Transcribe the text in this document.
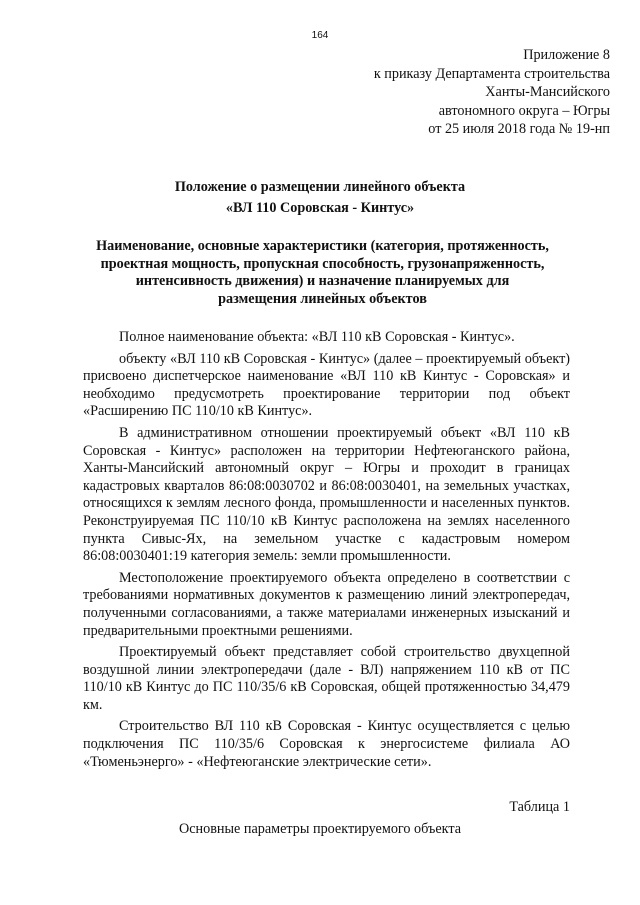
164
Приложение 8
к приказу Департамента строительства
Ханты-Мансийского
автономного округа – Югры
от 25 июля 2018 года № 19-нп
Положение о размещении линейного объекта
«ВЛ 110 Соровская - Кинтус»
Наименование, основные характеристики (категория, протяженность, проектная мощность, пропускная способность, грузонапряженность, интенсивность движения) и назначение планируемых для размещения линейных объектов

Полное наименование объекта: «ВЛ 110 кВ Соровская - Кинтус».

объекту «ВЛ 110 кВ Соровская - Кинтус» (далее – проектируемый объект) присвоено диспетчерское наименование «ВЛ 110 кВ Кинтус - Соровская» и необходимо предусмотреть проектирование территории под объект «Расширению ПС 110/10 кВ Кинтус».

В административном отношении проектируемый объект «ВЛ 110 кВ Соровская - Кинтус» расположен на территории Нефтеюганского района, Ханты-Мансийский автономный округ – Югры и проходит в границах кадастровых кварталов 86:08:0030702 и 86:08:0030401, на земельных участках, относящихся к землям лесного фонда, промышленности и населенных пунктов. Реконструируемая ПС 110/10 кВ Кинтус расположена на землях населенного пункта Сивыс-Ях, на земельном участке с кадастровым номером 86:08:0030401:19 категория земель: земли промышленности.

Местоположение проектируемого объекта определено в соответствии с требованиями нормативных документов к размещению линий электропередач, полученными согласованиями, а также материалами инженерных изысканий и предварительными проектными решениями.

Проектируемый объект представляет собой строительство двухцепной воздушной линии электропередачи (дале - ВЛ) напряжением 110 кВ от ПС 110/10 кВ Кинтус до ПС 110/35/6 кВ Соровская, общей протяженностью 34,479 км.

Строительство ВЛ 110 кВ Соровская - Кинтус осуществляется с целью подключения ПС 110/35/6 Соровская к энергосистеме филиала АО «Тюменьэнерго» - «Нефтеюганские электрические сети».

Таблица 1
Основные параметры проектируемого объекта
